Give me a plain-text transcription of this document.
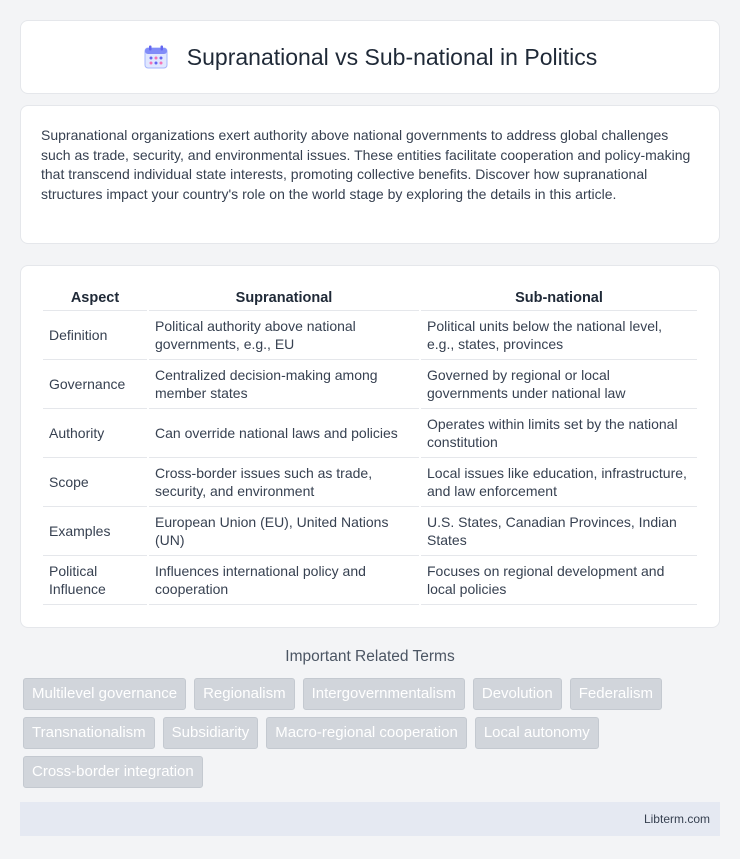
Supranational vs Sub-national in Politics

Supranational organizations exert authority above national governments to address global challenges such as trade, security, and environmental issues. These entities facilitate cooperation and policy-making that transcend individual state interests, promoting collective benefits. Discover how supranational structures impact your country's role on the world stage by exploring the details in this article.

Aspect	Supranational	Sub-national
Definition	Political authority above national governments, e.g., EU	Political units below the national level, e.g., states, provinces
Governance	Centralized decision-making among member states	Governed by regional or local governments under national law
Authority	Can override national laws and policies	Operates within limits set by the national constitution
Scope	Cross-border issues such as trade, security, and environment	Local issues like education, infrastructure, and law enforcement
Examples	European Union (EU), United Nations (UN)	U.S. States, Canadian Provinces, Indian States
Political Influence	Influences international policy and cooperation	Focuses on regional development and local policies
Important Related Terms
Multilevel governance	Regionalism	Intergovernmentalism	Devolution	Federalism
Transnationalism	Subsidiarity	Macro-regional cooperation	Local autonomy
Cross-border integration
Libterm.com
